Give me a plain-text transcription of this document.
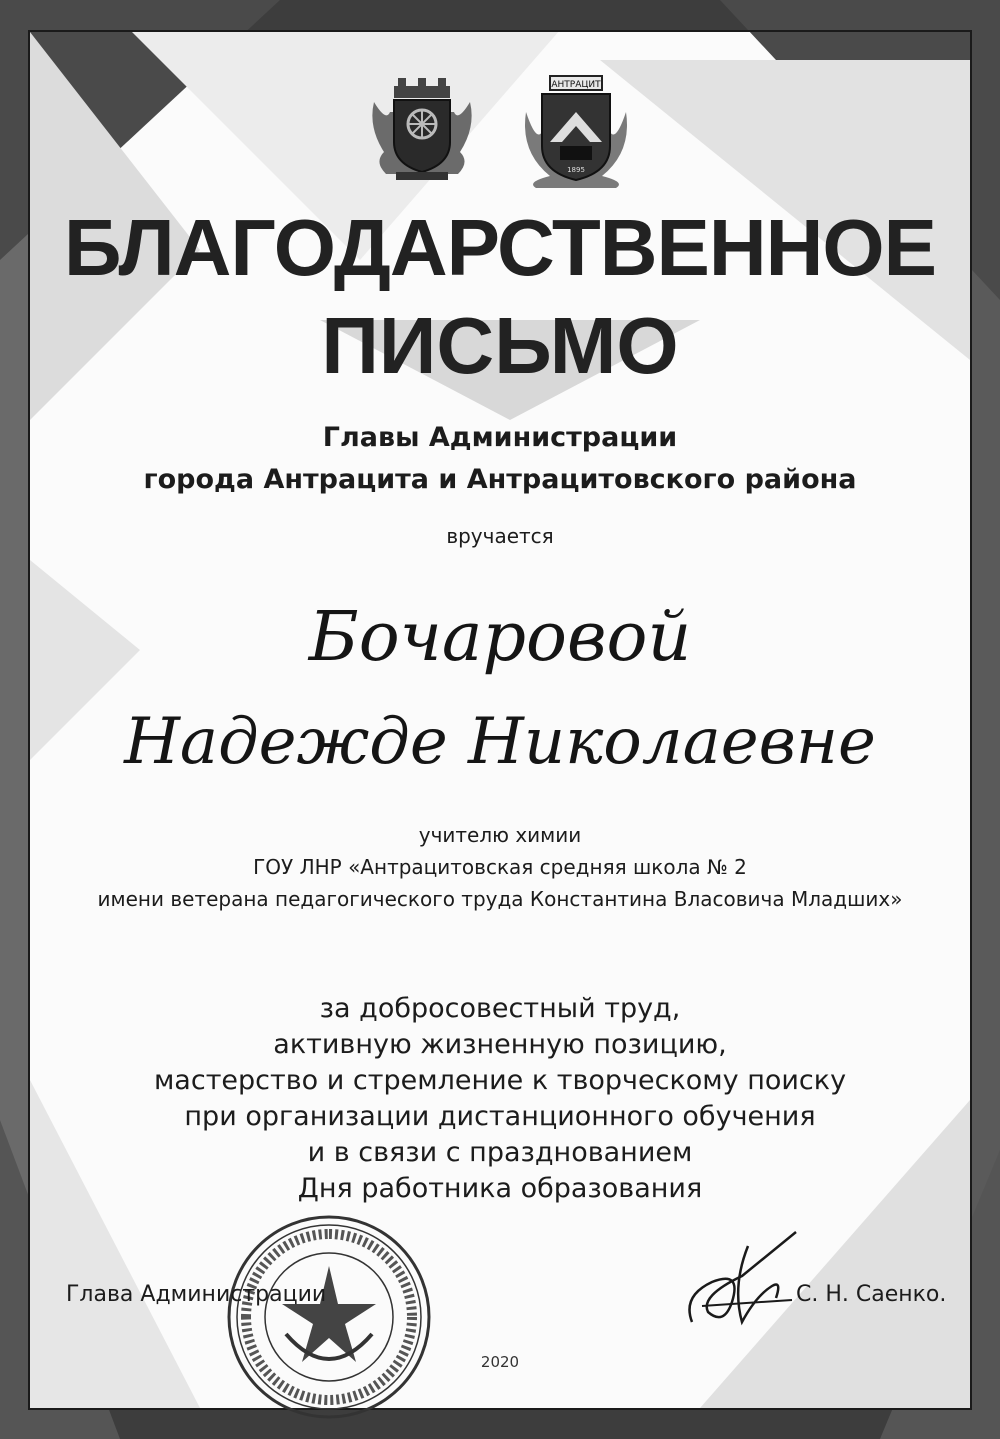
АНТРАЦИТ
1895

БЛАГОДАРСТВЕННОЕ

ПИСЬМО

Главы Администрации

города Антрацита и Антрацитовского района

вручается

Бочаровой

Надежде Николаевне

учителю химии

ГОУ ЛНР «Антрацитовская средняя школа № 2

имени ветерана педагогического труда Константина Власовича Младших»

за добросовестный труд,

активную жизненную позицию,

мастерство и стремление к творческому поиску

при организации дистанционного обучения

и в связи с празднованием

Дня работника образования

Глава Администрации	С. Н. Саенко.

2020
